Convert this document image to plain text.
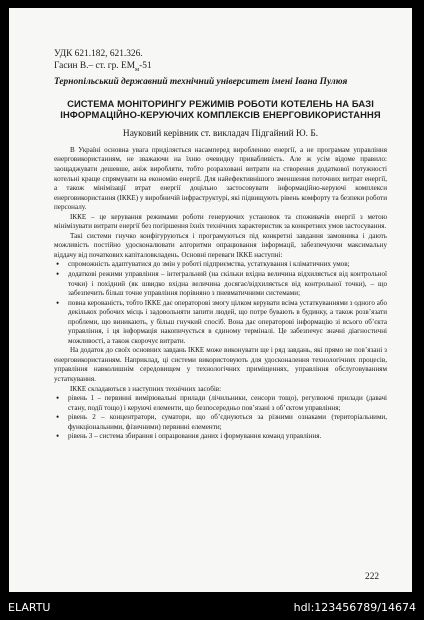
УДК 621.182, 621.326.
Гасин В.– ст. гр. $ЕМ_м-51$
Тернопільський державний технічний університет імені Івана Пулюя
СИСТЕМА МОНІТОРИНГУ РЕЖИМІВ РОБОТИ КОТЕЛЕНЬ НА БАЗІ ІНФОРМАЦІЙНО-КЕРУЮЧИХ КОМПЛЕКСІВ ЕНЕРГОВИКОРИСТАННЯ
Науковий керівник ст. викладач Підгайний Ю. Б.

В Україні основна увага приділяється насамперед виробленню енергії, а не програмам управління енерговикористанням, не зважаючи на їхню очевидну привабливість. Але ж усім відоме правило: заощаджувати дешевше, аніж виробляти, тобто розраховані витрати на створення додаткової потужності котельні краще спрямувати на економію енергії. Для найефективнішого зменшення поточних витрат енергії, а також мінімізації втрат енергії доцільно застосовувати інформаційно-керуючі комплекси енерговикористання (ІККЕ) у виробничій інфраструктурі, які підвищують рівень комфорту та безпеки роботи персоналу.

ІККЕ – це керування режимами роботи генеруючих установок та споживачів енергії з метою мінімізувати витрати енергії без погіршення їхніх технічних характеристик за конкретних умов застосування.

Такі системи гнучко конфігуруються і програмуються під конкретні завдання замовника і дають можливість постійно удосконалювати алгоритми опрацювання інформації, забезпечуючи максимальну віддачу від початкових капіталовкладень. Основні переваги ІККЕ наступні:

• спроможність адаптуватися до змін у роботі підприємства, устаткування і кліматичних умов;
• додаткові режими управління – інтегральний (на скільки вхідна величина відхиляється від контрольної точки) і похідний (як швидко вхідна величина досягає/відхиляється від контрольної точки), – що забезпечить більш точне управління порівняно з пневматичними системами;
• повна керованість, тобто ІККЕ дає операторові змогу цілком керувати всіма устаткуваннями з одного або декількох робочих місць і задовольняти запити людей, що потре бувають в будинку, а також розв’язати проблеми, що виникають, у більш гнучкий спосіб. Вона дає операторові інформацію зі всього об’єкта управління, і ця інформація накопичується в єдиному терміналі. Це забезпечує значні діагностичні можливості, а також скорочує витрати.

На додаток до своїх основних завдань ІККЕ може виконувати ще і ряд завдань, які прямо не пов’язані з енерговикористанням. Наприклад, ці системи використовують для удосконалення технологічних процесів, управління навколишнім середовищем у технологічних приміщеннях, управління обслуговуванням устаткування.

ІККЕ складаються з наступних технічних засобів:

• рівень 1 – первинні вимірювальні прилади (лічильники, сенсори тощо), регулюючі прилади (давачі стану, події тощо) і керуючі елементи, що безпосередньо пов’язані з об’єктом управління;
• рівень 2 – концентратори, суматори, що об’єднуються за різними ознаками (територіальними, функціональними, фізичними) первинні елементи;
• рівень 3 – система збирання і опрацювання даних і формування команд управління.
222
ELARTU	hdl:123456789/14674
